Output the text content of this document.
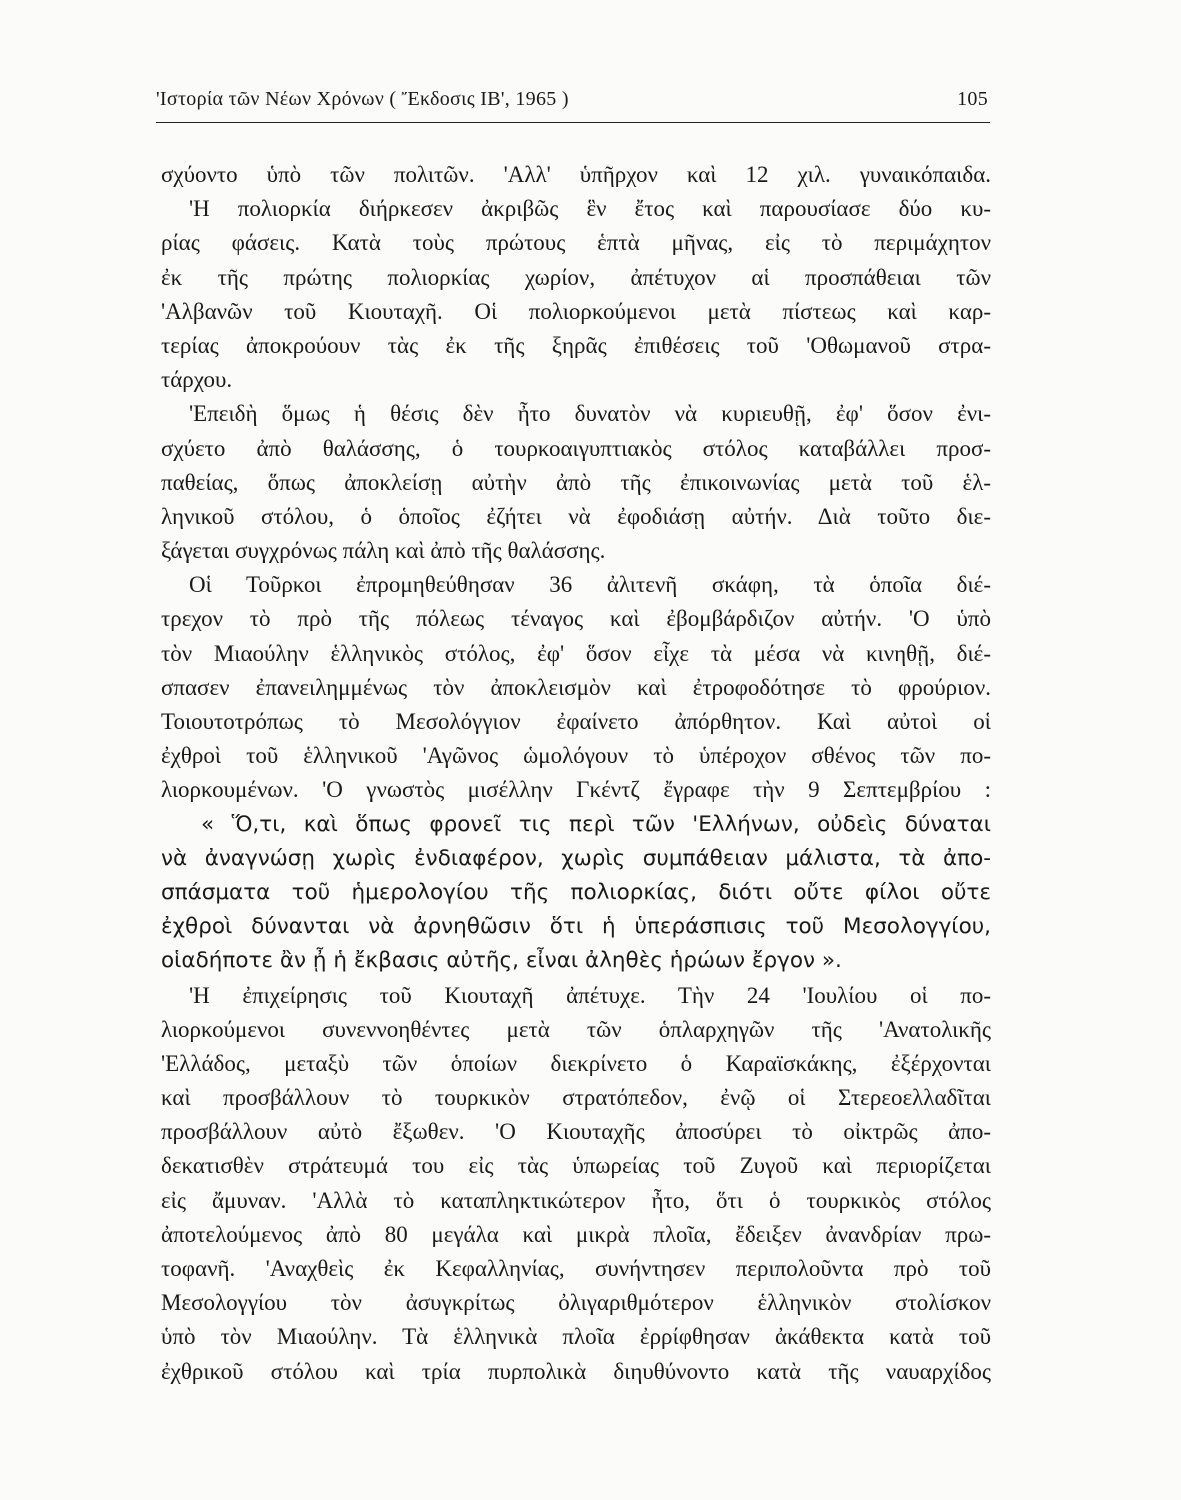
'Ιστορία τῶν Νέων Χρόνων ( Ἔκδοσις ΙΒ', 1965 )	105
σχύοντο ὑπὸ τῶν πολιτῶν. 'Αλλ' ὑπῆρχον καὶ 12 χιλ. γυναικόπαιδα.
'Η πολιορκία διήρκεσεν ἀκριβῶς ἓν ἔτος καὶ παρουσίασε δύο κυ-
ρίας φάσεις. Κατὰ τοὺς πρώτους ἑπτὰ μῆνας, εἰς τὸ περιμάχητον
ἐκ τῆς πρώτης πολιορκίας χωρίον, ἀπέτυχον αἱ προσπάθειαι τῶν
'Αλβανῶν τοῦ Κιουταχῆ. Οἱ πολιορκούμενοι μετὰ πίστεως καὶ καρ-
τερίας ἀποκρούουν τὰς ἐκ τῆς ξηρᾶς ἐπιθέσεις τοῦ 'Οθωμανοῦ στρα-
τάρχου.
'Επειδὴ ὅμως ἡ θέσις δὲν ἦτο δυνατὸν νὰ κυριευθῇ, ἐφ' ὅσον ἐνι-
σχύετο ἀπὸ θαλάσσης, ὁ τουρκοαιγυπτιακὸς στόλος καταβάλλει προσ-
παθείας, ὅπως ἀποκλείσῃ αὐτὴν ἀπὸ τῆς ἐπικοινωνίας μετὰ τοῦ ἑλ-
ληνικοῦ στόλου, ὁ ὁποῖος ἐζήτει νὰ ἐφοδιάσῃ αὐτήν. Διὰ τοῦτο διε-
ξάγεται συγχρόνως πάλη καὶ ἀπὸ τῆς θαλάσσης.
Οἱ Τοῦρκοι ἐπρομηθεύθησαν 36 ἀλιτενῆ σκάφη, τὰ ὁποῖα διέ-
τρεχον τὸ πρὸ τῆς πόλεως τέναγος καὶ ἐβομβάρδιζον αὐτήν. 'Ο ὑπὸ
τὸν Μιαούλην ἑλληνικὸς στόλος, ἐφ' ὅσον εἶχε τὰ μέσα νὰ κινηθῇ, διέ-
σπασεν ἐπανειλημμένως τὸν ἀποκλεισμὸν καὶ ἐτροφοδότησε τὸ φρούριον.
Τοιουτοτρόπως τὸ Μεσολόγγιον ἐφαίνετο ἀπόρθητον. Καὶ αὐτοὶ οἱ
ἐχθροὶ τοῦ ἑλληνικοῦ 'Αγῶνος ὡμολόγουν τὸ ὑπέροχον σθένος τῶν πο-
λιορκουμένων. 'Ο γνωστὸς μισέλλην Γκέντζ ἔγραφε τὴν 9 Σεπτεμβρίου :
« Ὅ,τι, καὶ ὅπως φρονεῖ τις περὶ τῶν 'Ελλήνων, οὐδεὶς δύναται
νὰ ἀναγνώσῃ χωρὶς ἐνδιαφέρον, χωρὶς συμπάθειαν μάλιστα, τὰ ἀπο-
σπάσματα τοῦ ἡμερολογίου τῆς πολιορκίας, διότι οὔτε φίλοι οὔτε
ἐχθροὶ δύνανται νὰ ἀρνηθῶσιν ὅτι ἡ ὑπεράσπισις τοῦ Μεσολογγίου,
οἱαδήποτε ἂν ᾖ ἡ ἔκβασις αὐτῆς, εἶναι ἀληθὲς ἡρώων ἔργον ».
'Η ἐπιχείρησις τοῦ Κιουταχῆ ἀπέτυχε. Τὴν 24 'Ιουλίου οἱ πο-
λιορκούμενοι συνεννοηθέντες μετὰ τῶν ὁπλαρχηγῶν τῆς 'Ανατολικῆς
'Ελλάδος, μεταξὺ τῶν ὁποίων διεκρίνετο ὁ Καραϊσκάκης, ἐξέρχονται
καὶ προσβάλλουν τὸ τουρκικὸν στρατόπεδον, ἐνῷ οἱ Στερεοελλαδῖται
προσβάλλουν αὐτὸ ἔξωθεν. 'Ο Κιουταχῆς ἀποσύρει τὸ οἰκτρῶς ἀπο-
δεκατισθὲν στράτευμά του εἰς τὰς ὑπωρείας τοῦ Ζυγοῦ καὶ περιορίζεται
εἰς ἄμυναν. 'Αλλὰ τὸ καταπληκτικώτερον ἦτο, ὅτι ὁ τουρκικὸς στόλος
ἀποτελούμενος ἀπὸ 80 μεγάλα καὶ μικρὰ πλοῖα, ἔδειξεν ἀνανδρίαν πρω-
τοφανῆ. 'Αναχθεὶς ἐκ Κεφαλληνίας, συνήντησεν περιπολοῦντα πρὸ τοῦ
Μεσολογγίου τὸν ἀσυγκρίτως ὀλιγαριθμότερον ἑλληνικὸν στολίσκον
ὑπὸ τὸν Μιαούλην. Τὰ ἑλληνικὰ πλοῖα ἐρρίφθησαν ἀκάθεκτα κατὰ τοῦ
ἐχθρικοῦ στόλου καὶ τρία πυρπολικὰ διηυθύνοντο κατὰ τῆς ναυαρχίδος
